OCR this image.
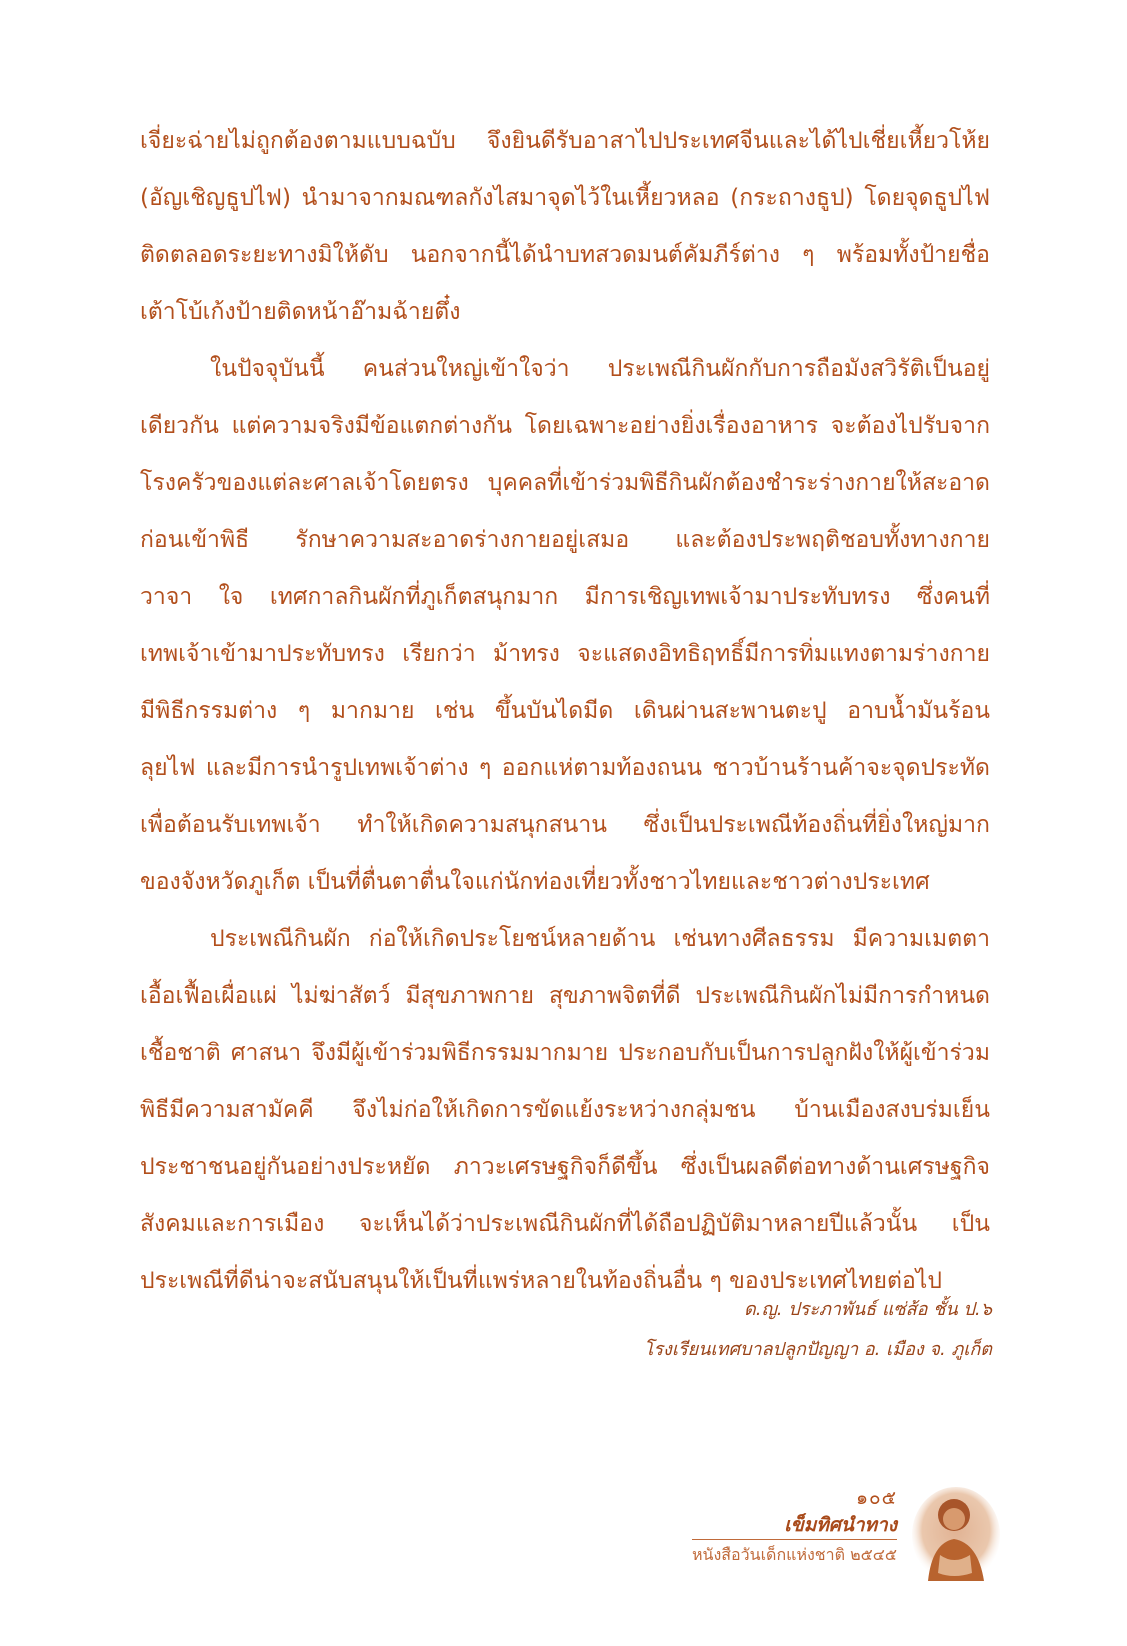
เจี่ยะฉ่ายไม่ถูกต้องตามแบบฉบับ จึงยินดีรับอาสาไปประเทศจีนและได้ไปเชี่ยเหี้ยวโห้ย
(อัญเชิญธูปไฟ) นำมาจากมณฑลกังไสมาจุดไว้ในเหี้ยวหลอ (กระถางธูป) โดยจุดธูปไฟ
ติดตลอดระยะทางมิให้ดับ นอกจากนี้ได้นำบทสวดมนต์คัมภีร์ต่าง ๆ พร้อมทั้งป้ายชื่อ
เต้าโบ้เก้งป้ายติดหน้าอ๊ามฉ้ายตึ๋ง
ในปัจจุบันนี้ คนส่วนใหญ่เข้าใจว่า ประเพณีกินผักกับการถือมังสวิรัติเป็นอยู่
เดียวกัน แต่ความจริงมีข้อแตกต่างกัน โดยเฉพาะอย่างยิ่งเรื่องอาหาร จะต้องไปรับจาก
โรงครัวของแต่ละศาลเจ้าโดยตรง บุคคลที่เข้าร่วมพิธีกินผักต้องชำระร่างกายให้สะอาด
ก่อนเข้าพิธี รักษาความสะอาดร่างกายอยู่เสมอ และต้องประพฤติชอบทั้งทางกาย
วาจา ใจ เทศกาลกินผักที่ภูเก็ตสนุกมาก มีการเชิญเทพเจ้ามาประทับทรง ซึ่งคนที่
เทพเจ้าเข้ามาประทับทรง เรียกว่า ม้าทรง จะแสดงอิทธิฤทธิ์มีการทิ่มแทงตามร่างกาย
มีพิธีกรรมต่าง ๆ มากมาย เช่น ขึ้นบันไดมีด เดินผ่านสะพานตะปู อาบน้ำมันร้อน
ลุยไฟ และมีการนำรูปเทพเจ้าต่าง ๆ ออกแห่ตามท้องถนน ชาวบ้านร้านค้าจะจุดประทัด
เพื่อต้อนรับเทพเจ้า ทำให้เกิดความสนุกสนาน ซึ่งเป็นประเพณีท้องถิ่นที่ยิ่งใหญ่มาก
ของจังหวัดภูเก็ต เป็นที่ตื่นตาตื่นใจแก่นักท่องเที่ยวทั้งชาวไทยและชาวต่างประเทศ
ประเพณีกินผัก ก่อให้เกิดประโยชน์หลายด้าน เช่นทางศีลธรรม มีความเมตตา
เอื้อเฟื้อเผื่อแผ่ ไม่ฆ่าสัตว์ มีสุขภาพกาย สุขภาพจิตที่ดี ประเพณีกินผักไม่มีการกำหนด
เชื้อชาติ ศาสนา จึงมีผู้เข้าร่วมพิธีกรรมมากมาย ประกอบกับเป็นการปลูกฝังให้ผู้เข้าร่วม
พิธีมีความสามัคคี จึงไม่ก่อให้เกิดการขัดแย้งระหว่างกลุ่มชน บ้านเมืองสงบร่มเย็น
ประชาชนอยู่กันอย่างประหยัด ภาวะเศรษฐกิจก็ดีขึ้น ซึ่งเป็นผลดีต่อทางด้านเศรษฐกิจ
สังคมและการเมือง จะเห็นได้ว่าประเพณีกินผักที่ได้ถือปฏิบัติมาหลายปีแล้วนั้น เป็น
ประเพณีที่ดีน่าจะสนับสนุนให้เป็นที่แพร่หลายในท้องถิ่นอื่น ๆ ของประเทศไทยต่อไป
ด.ญ. ประภาพันธ์ แซ่ส้อ ชั้น ป.๖
โรงเรียนเทศบาลปลูกปัญญา อ. เมือง จ. ภูเก็ต
๑๐๕
เข็มทิศนำทาง
หนังสือวันเด็กแห่งชาติ ๒๕๔๕
